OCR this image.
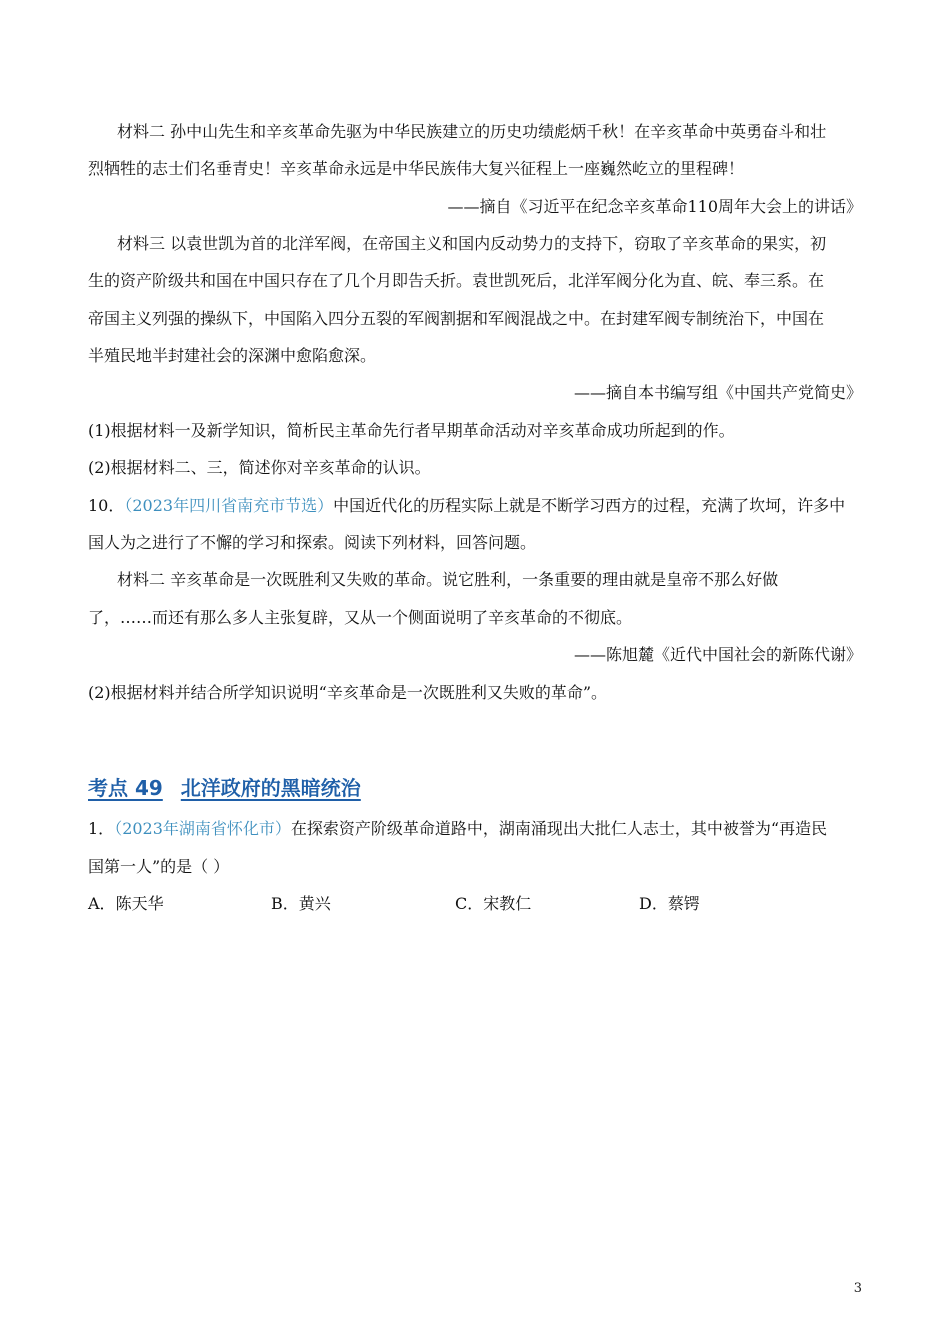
材料二 孙中山先生和辛亥革命先驱为中华民族建立的历史功绩彪炳千秋！在辛亥革命中英勇奋斗和壮
烈牺牲的志士们名垂青史！辛亥革命永远是中华民族伟大复兴征程上一座巍然屹立的里程碑！
——摘自《习近平在纪念辛亥革命110周年大会上的讲话》
材料三 以袁世凯为首的北洋军阀，在帝国主义和国内反动势力的支持下，窃取了辛亥革命的果实，初
生的资产阶级共和国在中国只存在了几个月即告夭折。袁世凯死后，北洋军阀分化为直、皖、奉三系。在
帝国主义列强的操纵下，中国陷入四分五裂的军阀割据和军阀混战之中。在封建军阀专制统治下，中国在
半殖民地半封建社会的深渊中愈陷愈深。
——摘自本书编写组《中国共产党简史》
(1)根据材料一及新学知识，简析民主革命先行者早期革命活动对辛亥革命成功所起到的作。
(2)根据材料二、三，简述你对辛亥革命的认识。
10．（2023年四川省南充市节选）中国近代化的历程实际上就是不断学习西方的过程，充满了坎坷，许多中
国人为之进行了不懈的学习和探索。阅读下列材料，回答问题。
材料二 辛亥革命是一次既胜利又失败的革命。说它胜利，一条重要的理由就是皇帝不那么好做
了，……而还有那么多人主张复辟，又从一个侧面说明了辛亥革命的不彻底。
——陈旭麓《近代中国社会的新陈代谢》
(2)根据材料并结合所学知识说明“辛亥革命是一次既胜利又失败的革命”。
考点 49 北洋政府的黑暗统治
1．（2023年湖南省怀化市）在探索资产阶级革命道路中，湖南涌现出大批仁人志士，其中被誉为“再造民
国第一人”的是（ ）
A．陈天华	B．黄兴	C．宋教仁	D．蔡锷
3
